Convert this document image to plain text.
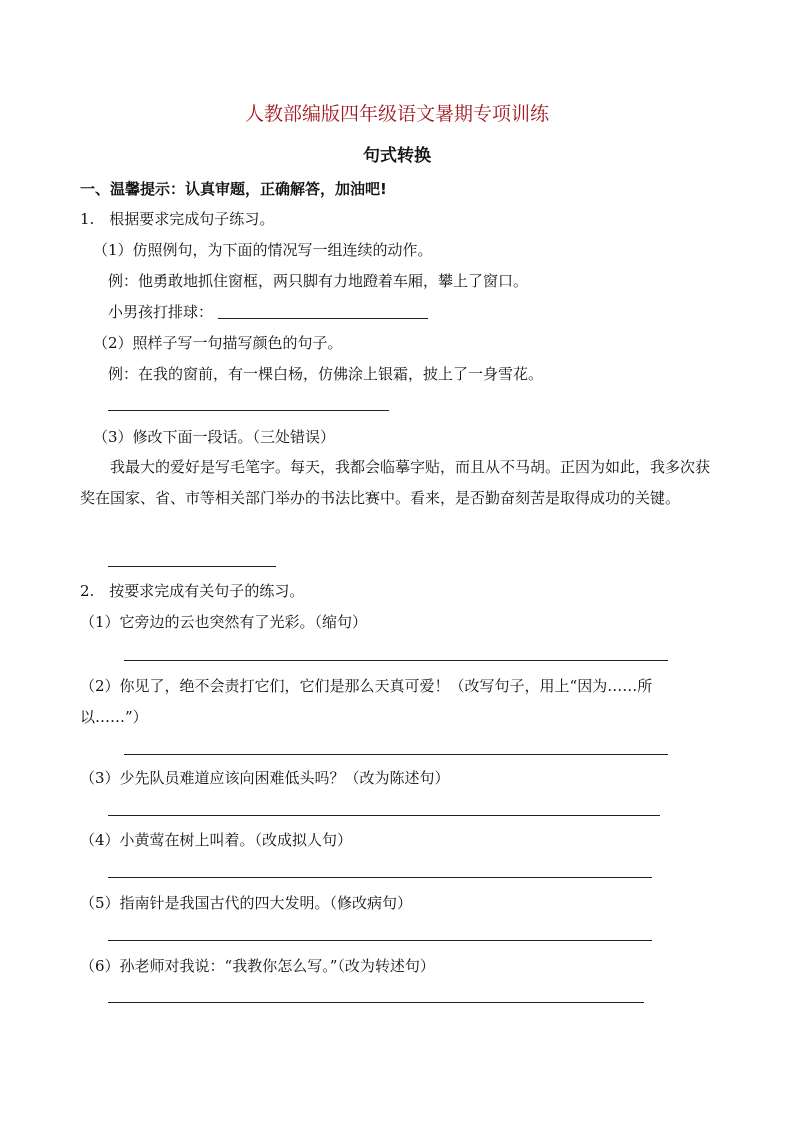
人教部编版四年级语文暑期专项训练
句式转换
一、温馨提示：认真审题，正确解答，加油吧!
1.　根据要求完成句子练习。
（1）仿照例句，为下面的情况写一组连续的动作。
例：他勇敢地抓住窗框，两只脚有力地蹬着车厢，攀上了窗口。
小男孩打排球：
（2）照样子写一句描写颜色的句子。
例：在我的窗前，有一棵白杨，仿佛涂上银霜，披上了一身雪花。
（3）修改下面一段话。（三处错误）
我最大的爱好是写毛笔字。每天，我都会临摹字贴，而且从不马胡。正因为如此，我多次获奖在国家、省、市等相关部门举办的书法比赛中。看来，是否勤奋刻苦是取得成功的关键。
2.　按要求完成有关句子的练习。
（1）它旁边的云也突然有了光彩。（缩句）
（2）你见了，绝不会责打它们，它们是那么天真可爱！（改写句子，用上“因为……所
以……”）
（3）少先队员难道应该向困难低头吗？（改为陈述句）
（4）小黄莺在树上叫着。（改成拟人句）
（5）指南针是我国古代的四大发明。（修改病句）
（6）孙老师对我说：“我教你怎么写。”（改为转述句）
